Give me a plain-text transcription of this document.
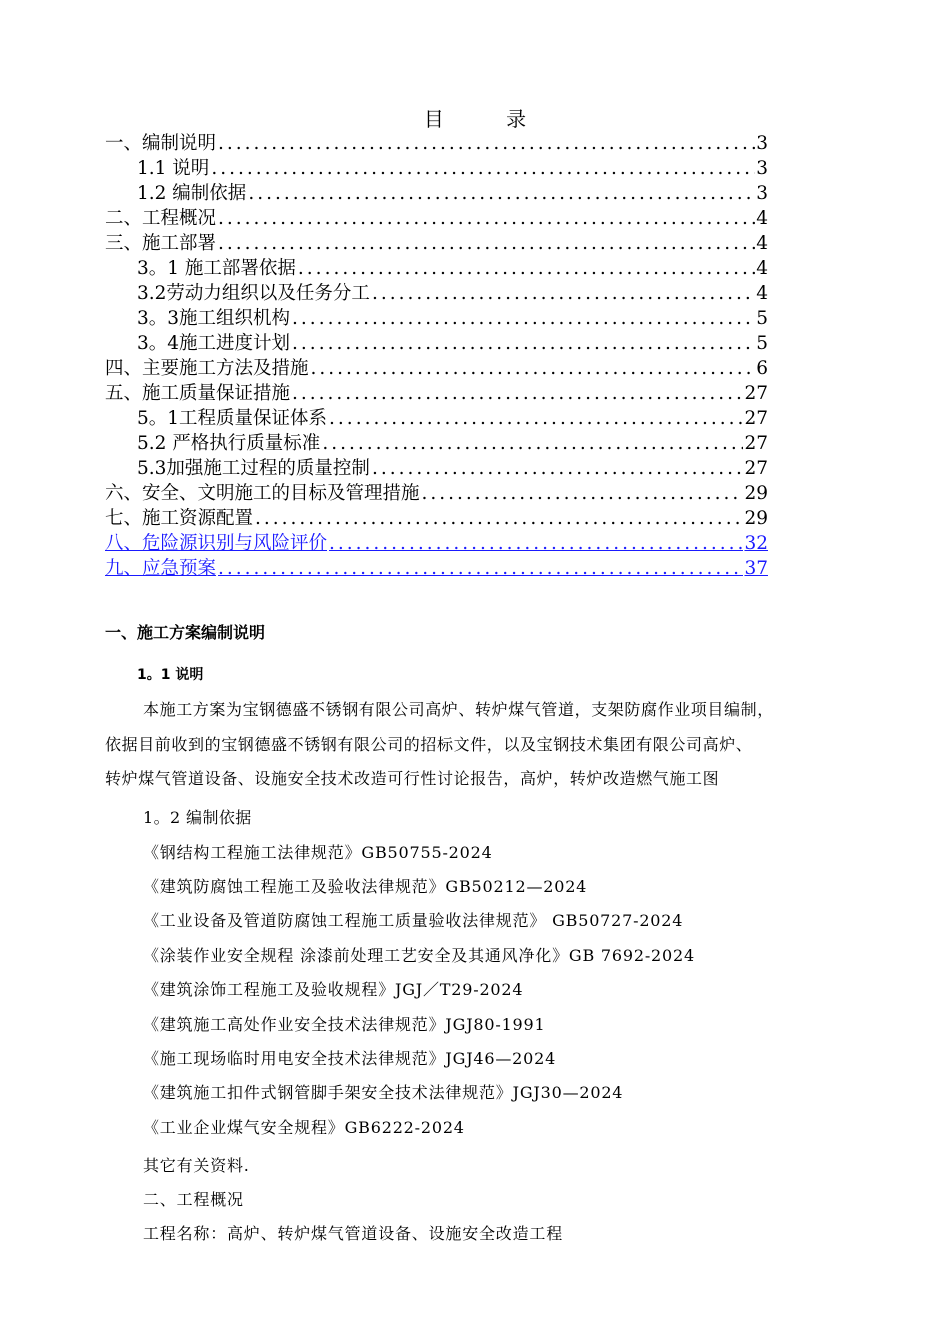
目 录
一、编制说明 .....	3
1.1 说明 .....	3
1.2 编制依据 .....	3
二、工程概况 .....	4
三、施工部署 .....	4
3。1 施工部署依据 .....	4
3.2劳动力组织以及任务分工 .....	4
3。3施工组织机构 .....	5
3。4施工进度计划 .....	5
四、主要施工方法及措施 .....	6
五、施工质量保证措施 .....	27
5。1工程质量保证体系 .....	27
5.2 严格执行质量标准 .....	27
5.3加强施工过程的质量控制 .....	27
六、安全、文明施工的目标及管理措施 .....	29
七、施工资源配置 .....	29
八、危险源识别与风险评价 .....	32
九、应急预案 .....	37
一、施工方案编制说明
1。1 说明
本施工方案为宝钢德盛不锈钢有限公司高炉、转炉煤气管道，支架防腐作业项目编制，
依据目前收到的宝钢德盛不锈钢有限公司的招标文件，以及宝钢技术集团有限公司高炉、
转炉煤气管道设备、设施安全技术改造可行性讨论报告，高炉，转炉改造燃气施工图
1。2 编制依据
《钢结构工程施工法律规范》GB50755-2024
《建筑防腐蚀工程施工及验收法律规范》GB50212—2024
《工业设备及管道防腐蚀工程施工质量验收法律规范》 GB50727-2024
《涂装作业安全规程 涂漆前处理工艺安全及其通风净化》GB 7692-2024
《建筑涂饰工程施工及验收规程》JGJ／T29-2024
《建筑施工高处作业安全技术法律规范》JGJ80-1991
《施工现场临时用电安全技术法律规范》JGJ46—2024
《建筑施工扣件式钢管脚手架安全技术法律规范》JGJ30—2024
《工业企业煤气安全规程》GB6222-2024
其它有关资料.
二、工程概况
工程名称：高炉、转炉煤气管道设备、设施安全改造工程
